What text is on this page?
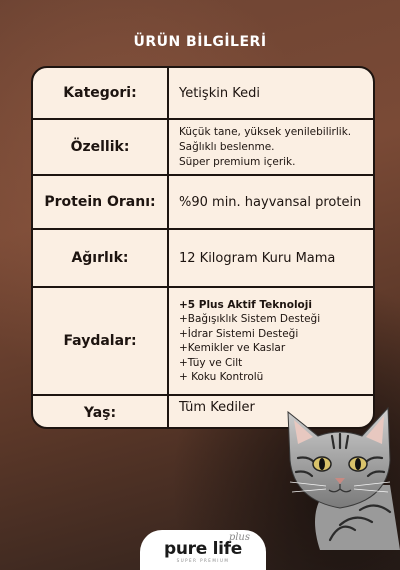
ÜRÜN BİLGİLERİ
Kategori:	Yetişkin Kedi
Özellik:
Küçük tane, yüksek yenilebilirlik.
Sağlıklı beslenme.
Süper premium içerik.
Protein Oranı:	%90 min. hayvansal protein
Ağırlık:	12 Kilogram Kuru Mama
Faydalar:
+5 Plus Aktif Teknoloji
+Bağışıklık Sistem Desteği
+İdrar Sistemi Desteği
+Kemikler ve Kaslar
+Tüy ve Cilt
+ Koku Kontrolü
Yaş:	Tüm Kediler
plus
pure life
SUPER PREMIUM
